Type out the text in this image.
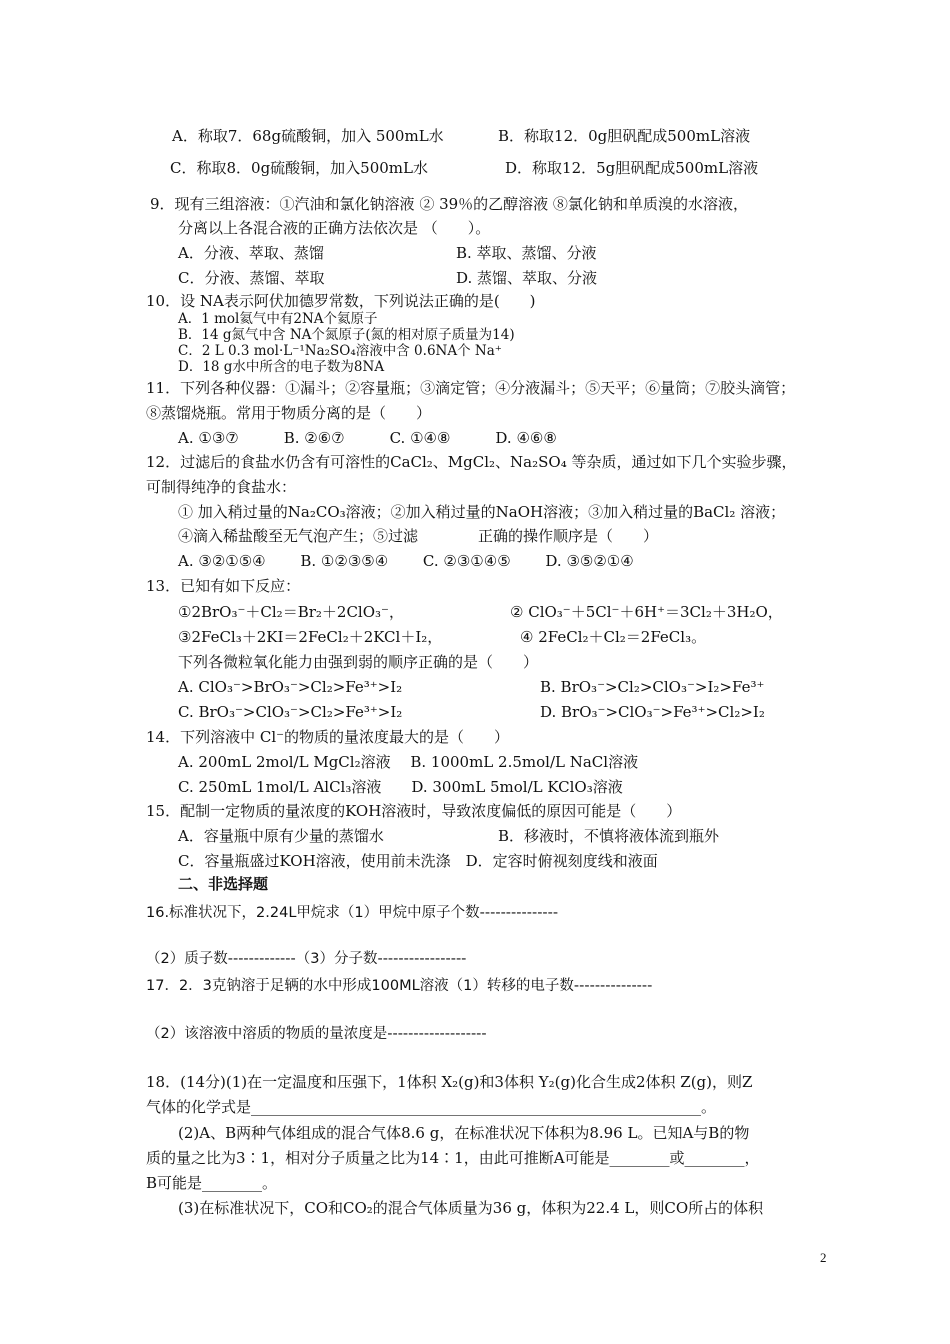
A．称取7．68g硫酸铜，加入 500mL水	B．称取12．0g胆矾配成500mL溶液
C．称取8．0g硫酸铜，加入500mL水	D．称取12．5g胆矾配成500mL溶液
9．现有三组溶液：①汽油和氯化钠溶液 ② 39％的乙醇溶液 ⑧氯化钠和单质溴的水溶液，
分离以上各混合液的正确方法依次是 （　　）。
A．分液、萃取、蒸馏	B. 萃取、蒸馏、分液
C．分液、蒸馏、萃取	D. 蒸馏、萃取、分液
10．设 NA表示阿伏加德罗常数，下列说法正确的是(　　)
A．1 mol氦气中有2NA个氦原子
B．14 g氮气中含 NA个氮原子(氮的相对原子质量为14)
C．2 L 0.3 mol·L⁻¹Na₂SO₄溶液中含 0.6NA个 Na⁺
D．18 g水中所含的电子数为8NA
11．下列各种仪器：①漏斗；②容量瓶；③滴定管；④分液漏斗；⑤天平；⑥量筒；⑦胶头滴管；
⑧蒸馏烧瓶。常用于物质分离的是（　　）
A. ①③⑦　　　B. ②⑥⑦　　　C. ①④⑧　　　D. ④⑥⑧
12．过滤后的食盐水仍含有可溶性的CaCl₂、MgCl₂、Na₂SO₄ 等杂质，通过如下几个实验步骤，
可制得纯净的食盐水：
① 加入稍过量的Na₂CO₃溶液；②加入稍过量的NaOH溶液；③加入稍过量的BaCl₂ 溶液；
④滴入稀盐酸至无气泡产生；⑤过滤　　　　正确的操作顺序是（　　）
A. ③②①⑤④　　 B. ①②③⑤④　　 C. ②③①④⑤　　 D. ③⑤②①④
13．已知有如下反应：
①2BrO₃⁻＋Cl₂＝Br₂＋2ClO₃⁻，	② ClO₃⁻＋5Cl⁻＋6H⁺＝3Cl₂＋3H₂O，
③2FeCl₃＋2KI＝2FeCl₂＋2KCl＋I₂，	④ 2FeCl₂＋Cl₂＝2FeCl₃。
下列各微粒氧化能力由强到弱的顺序正确的是（　　）
A. ClO₃⁻>BrO₃⁻>Cl₂>Fe³⁺>I₂	B. BrO₃⁻>Cl₂>ClO₃⁻>I₂>Fe³⁺
C. BrO₃⁻>ClO₃⁻>Cl₂>Fe³⁺>I₂	D. BrO₃⁻>ClO₃⁻>Fe³⁺>Cl₂>I₂
14．下列溶液中 Cl⁻的物质的量浓度最大的是（　　）
A. 200mL 2mol/L MgCl₂溶液　 B. 1000mL 2.5mol/L NaCl溶液
C. 250mL 1mol/L AlCl₃溶液　　D. 300mL 5mol/L KClO₃溶液
15．配制一定物质的量浓度的KOH溶液时，导致浓度偏低的原因可能是（　　）
A．容量瓶中原有少量的蒸馏水	B．移液时，不慎将液体流到瓶外
C．容量瓶盛过KOH溶液，使用前未洗涤　D．定容时俯视刻度线和液面
二、非选择题
16.标准状况下，2.24L甲烷求（1）甲烷中原子个数---------------
（2）质子数-------------（3）分子数-----------------
17．2．3克钠溶于足辆的水中形成100ML溶液（1）转移的电子数---------------
（2）该溶液中溶质的物质的量浓度是-------------------
18．(14分)(1)在一定温度和压强下，1体积 X₂(g)和3体积 Y₂(g)化合生成2体积 Z(g)，则Z
气体的化学式是____________________________________________________________。
(2)A、B两种气体组成的混合气体8.6 g，在标准状况下体积为8.96 L。已知A与B的物
质的量之比为3∶1，相对分子质量之比为14∶1，由此可推断A可能是________或________，
B可能是________。
(3)在标准状况下，CO和CO₂的混合气体质量为36 g，体积为22.4 L，则CO所占的体积
2
